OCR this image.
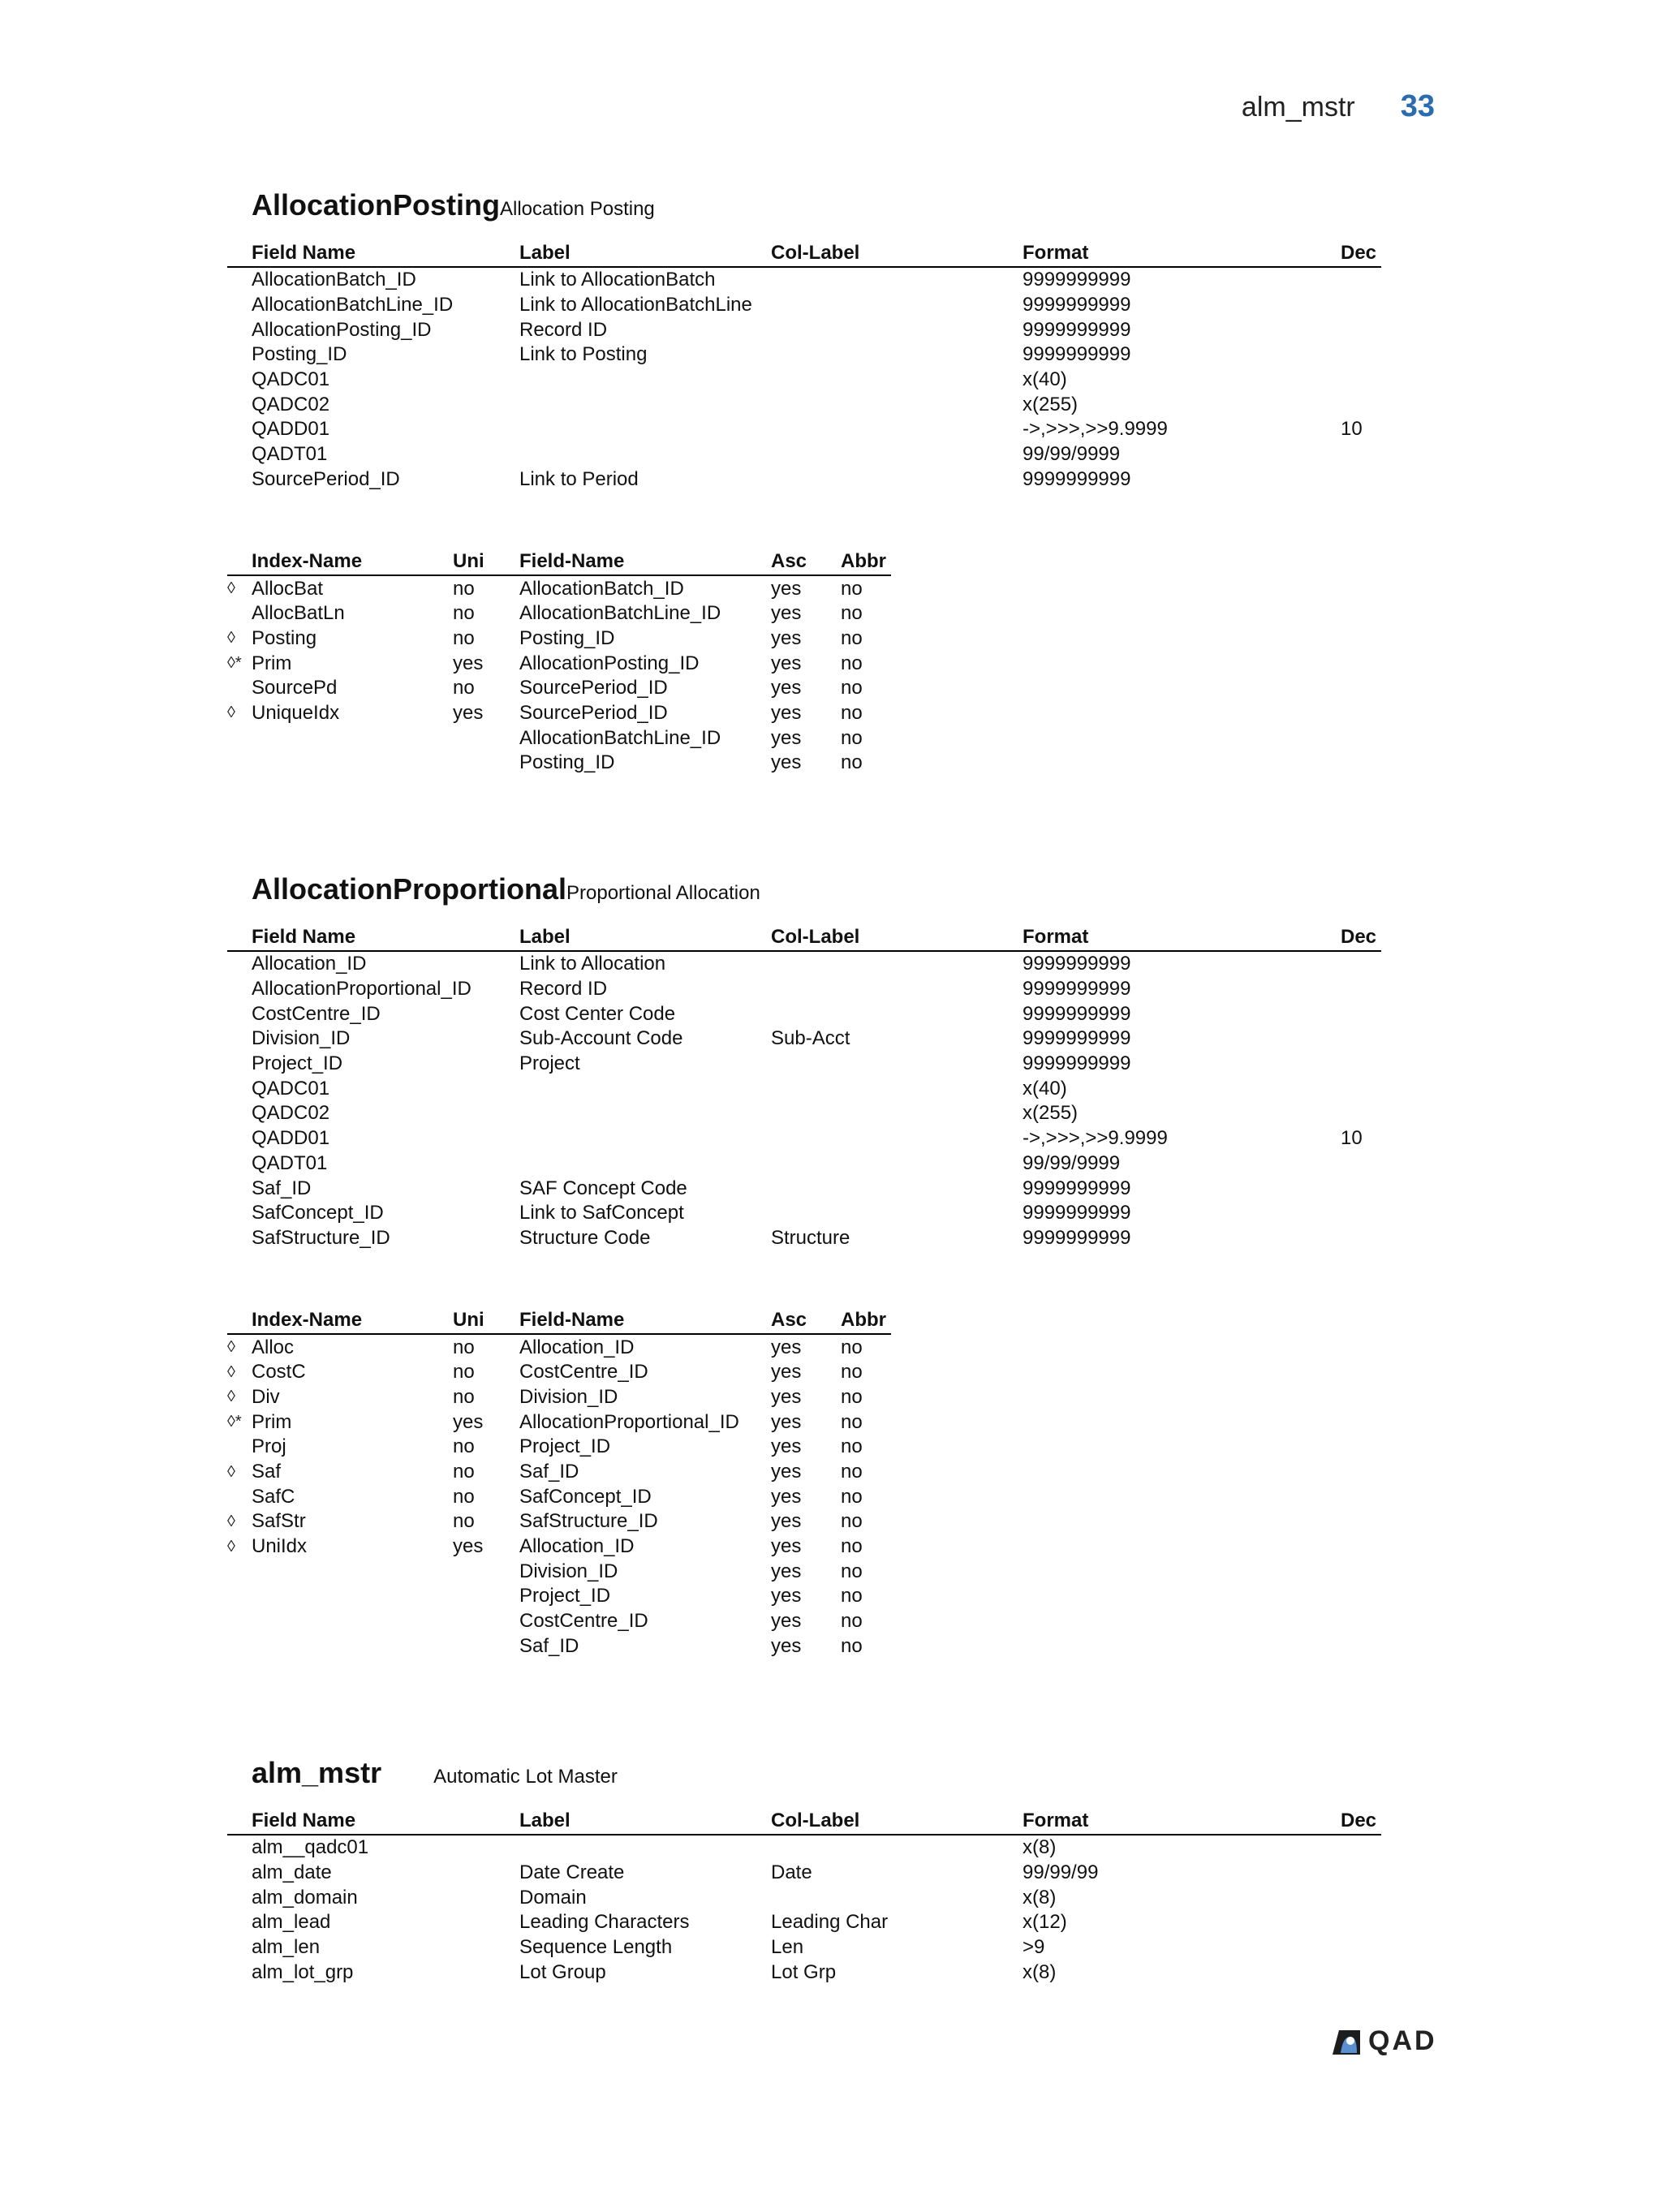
alm_mstr 33
AllocationPostingAllocation Posting
	Field Name	Label	Col-Label	Format	Dec
	AllocationBatch_ID	Link to AllocationBatch		9999999999	
	AllocationBatchLine_ID	Link to AllocationBatchLine		9999999999	
	AllocationPosting_ID	Record ID		9999999999	
	Posting_ID	Link to Posting		9999999999	
	QADC01			x(40)	
	QADC02			x(255)	
	QADD01			->,>>>,>>9.9999	10
	QADT01			99/99/9999	
	SourcePeriod_ID	Link to Period		9999999999	
	Index-Name	Uni	Field-Name	Asc	Abbr
◊	AllocBat	no	AllocationBatch_ID	yes	no
	AllocBatLn	no	AllocationBatchLine_ID	yes	no
◊	Posting	no	Posting_ID	yes	no
◊*	Prim	yes	AllocationPosting_ID	yes	no
	SourcePd	no	SourcePeriod_ID	yes	no
◊	UniqueIdx	yes	SourcePeriod_ID	yes	no
			AllocationBatchLine_ID	yes	no
			Posting_ID	yes	no
AllocationProportionalProportional Allocation
	Field Name	Label	Col-Label	Format	Dec
	Allocation_ID	Link to Allocation		9999999999	
	AllocationProportional_ID	Record ID		9999999999	
	CostCentre_ID	Cost Center Code		9999999999	
	Division_ID	Sub-Account Code	Sub-Acct	9999999999	
	Project_ID	Project		9999999999	
	QADC01			x(40)	
	QADC02			x(255)	
	QADD01			->,>>>,>>9.9999	10
	QADT01			99/99/9999	
	Saf_ID	SAF Concept Code		9999999999	
	SafConcept_ID	Link to SafConcept		9999999999	
	SafStructure_ID	Structure Code	Structure	9999999999	
	Index-Name	Uni	Field-Name	Asc	Abbr
◊	Alloc	no	Allocation_ID	yes	no
◊	CostC	no	CostCentre_ID	yes	no
◊	Div	no	Division_ID	yes	no
◊*	Prim	yes	AllocationProportional_ID	yes	no
	Proj	no	Project_ID	yes	no
◊	Saf	no	Saf_ID	yes	no
	SafC	no	SafConcept_ID	yes	no
◊	SafStr	no	SafStructure_ID	yes	no
◊	UniIdx	yes	Allocation_ID	yes	no
			Division_ID	yes	no
			Project_ID	yes	no
			CostCentre_ID	yes	no
			Saf_ID	yes	no
alm_mstr	Automatic Lot Master
	Field Name	Label	Col-Label	Format	Dec
	alm__qadc01			x(8)	
	alm_date	Date Create	Date	99/99/99	
	alm_domain	Domain		x(8)	
	alm_lead	Leading Characters	Leading Char	x(12)	
	alm_len	Sequence Length	Len	>9	
	alm_lot_grp	Lot Group	Lot Grp	x(8)	
QAD
